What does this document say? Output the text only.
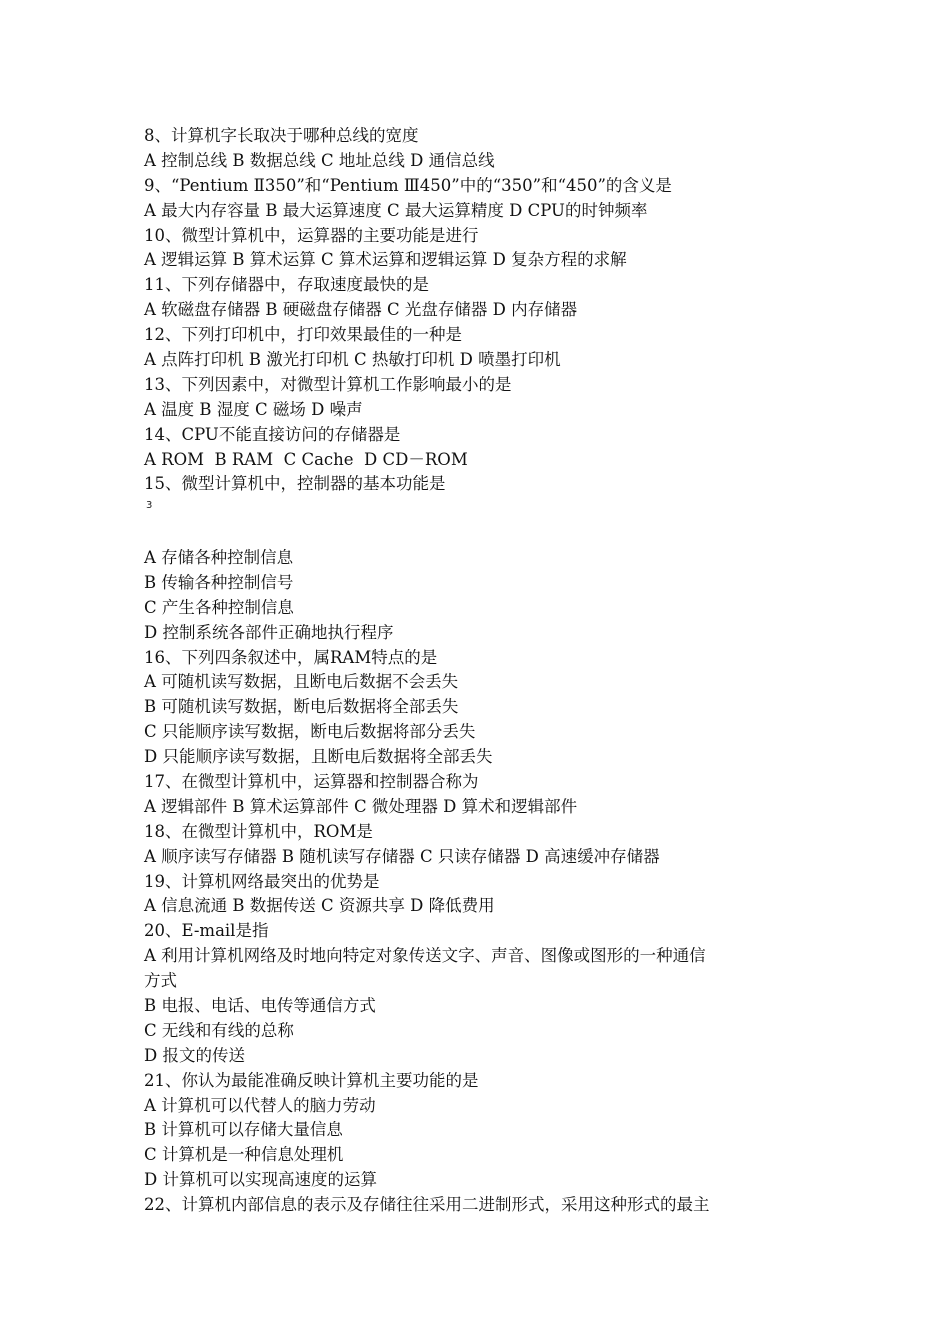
8、计算机字长取决于哪种总线的宽度
A 控制总线 B 数据总线 C 地址总线 D 通信总线
9、“Pentium Ⅱ350”和“Pentium Ⅲ450”中的“350”和“450”的含义是
A 最大内存容量 B 最大运算速度 C 最大运算精度 D CPU的时钟频率
10、微型计算机中，运算器的主要功能是进行
A 逻辑运算 B 算术运算 C 算术运算和逻辑运算 D 复杂方程的求解
11、下列存储器中，存取速度最快的是
A 软磁盘存储器 B 硬磁盘存储器 C 光盘存储器 D 内存储器
12、下列打印机中，打印效果最佳的一种是
A 点阵打印机 B 激光打印机 C 热敏打印机 D 喷墨打印机
13、下列因素中，对微型计算机工作影响最小的是
A 温度 B 湿度 C 磁场 D 噪声
14、CPU不能直接访问的存储器是
A ROM  B RAM  C Cache  D CD－ROM
15、微型计算机中，控制器的基本功能是
3
A 存储各种控制信息
B 传输各种控制信号
C 产生各种控制信息
D 控制系统各部件正确地执行程序
16、下列四条叙述中，属RAM特点的是
A 可随机读写数据，且断电后数据不会丢失
B 可随机读写数据，断电后数据将全部丢失
C 只能顺序读写数据，断电后数据将部分丢失
D 只能顺序读写数据，且断电后数据将全部丢失
17、在微型计算机中，运算器和控制器合称为
A 逻辑部件 B 算术运算部件 C 微处理器 D 算术和逻辑部件
18、在微型计算机中，ROM是
A 顺序读写存储器 B 随机读写存储器 C 只读存储器 D 高速缓冲存储器
19、计算机网络最突出的优势是
A 信息流通 B 数据传送 C 资源共享 D 降低费用
20、E-mail是指
A 利用计算机网络及时地向特定对象传送文字、声音、图像或图形的一种通信
方式
B 电报、电话、电传等通信方式
C 无线和有线的总称
D 报文的传送
21、你认为最能准确反映计算机主要功能的是
A 计算机可以代替人的脑力劳动
B 计算机可以存储大量信息
C 计算机是一种信息处理机
D 计算机可以实现高速度的运算
22、计算机内部信息的表示及存储往往采用二进制形式，采用这种形式的最主
